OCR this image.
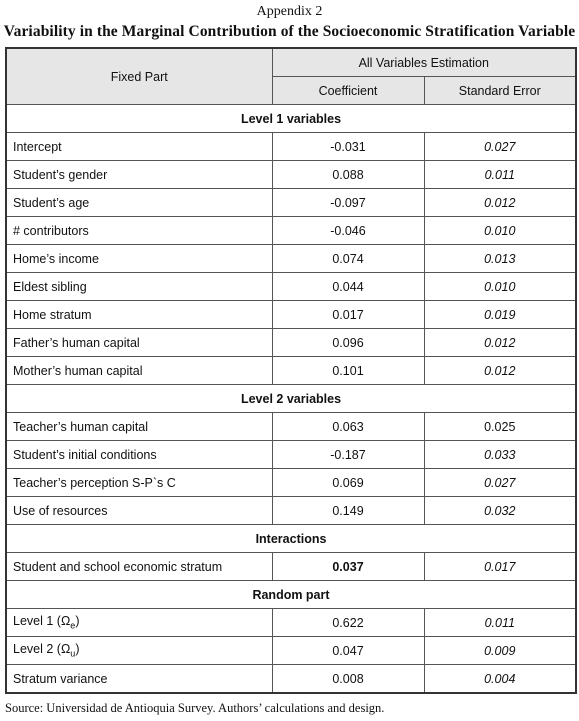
Appendix 2
Variability in the Marginal Contribution of the Socioeconomic Stratification Variable
Fixed Part	All Variables Estimation	
	Coefficient	Standard Error
Level 1 variables		
Intercept	-0.031	0.027
Student’s gender	0.088	0.011
Student’s age	-0.097	0.012
# contributors	-0.046	0.010
Home’s income	0.074	0.013
Eldest sibling	0.044	0.010
Home stratum	0.017	0.019
Father’s human capital	0.096	0.012
Mother’s human capital	0.101	0.012
Level 2 variables		
Teacher’s human capital	0.063	0.025
Student’s initial conditions	-0.187	0.033
Teacher’s perception S-P`s C	0.069	0.027
Use of resources	0.149	0.032
Interactions		
Student and school economic stratum	0.037	0.017
Random part		
Level 1 $(\Omega_e)$	0.622	0.011
Level 2 $(\Omega_u)$	0.047	0.009
Stratum variance	0.008	0.004
Source: Universidad de Antioquia Survey. Authors’ calculations and design.
